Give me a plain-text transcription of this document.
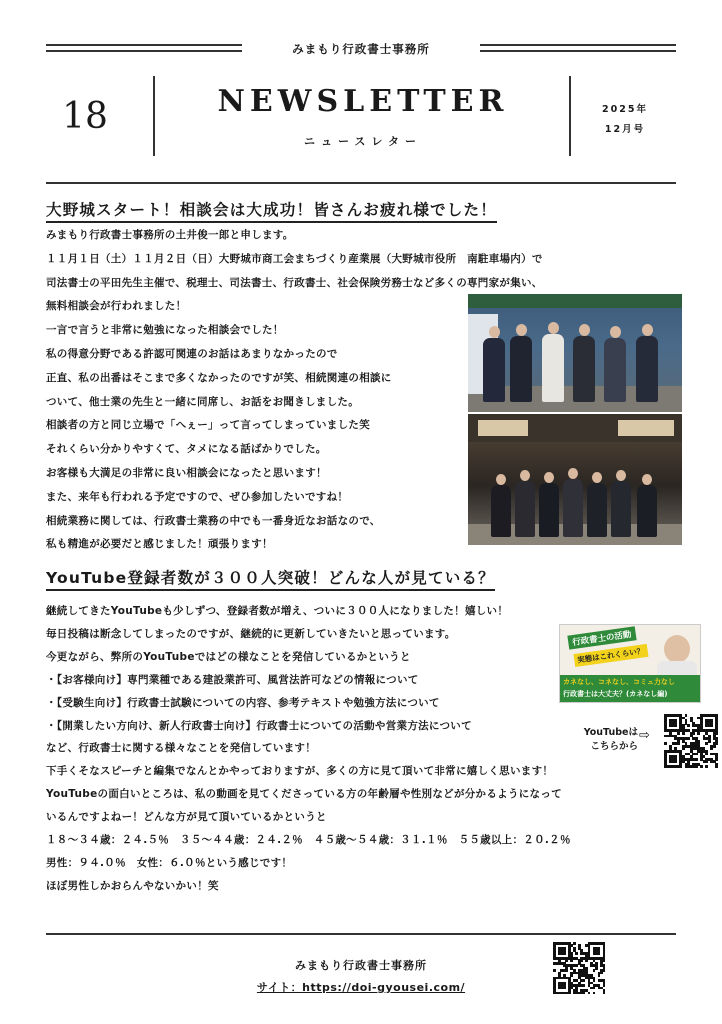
みまもり行政書士事務所
18	NEWSLETTER
ニュースレター
2025年
12月号
大野城スタート！相談会は大成功！皆さんお疲れ様でした！
みまもり行政書士事務所の土井俊一郎と申します。
１１月１日（土）１１月２日（日）大野城市商工会まちづくり産業展（大野城市役所　南駐車場内）で
司法書士の平田先生主催で、税理士、司法書士、行政書士、社会保険労務士など多くの専門家が集い、
無料相談会が行われました！
一言で言うと非常に勉強になった相談会でした！
私の得意分野である許認可関連のお話はあまりなかったので
正直、私の出番はそこまで多くなかったのですが笑、相続関連の相談に
ついて、他士業の先生と一緒に同席し、お話をお聞きしました。
相談者の方と同じ立場で「へぇー」って言ってしまっていました笑
それくらい分かりやすくて、タメになる話ばかりでした。
お客様も大満足の非常に良い相談会になったと思います！
また、来年も行われる予定ですので、ぜひ参加したいですね！
相続業務に関しては、行政書士業務の中でも一番身近なお話なので、
私も精進が必要だと感じました！頑張ります！
YouTube登録者数が３００人突破！どんな人が見ている？
継続してきたYouTubeも少しずつ、登録者数が増え、ついに３００人になりました！嬉しい！
毎日投稿は断念してしまったのですが、継続的に更新していきたいと思っています。
今更ながら、弊所のYouTubeではどの様なことを発信しているかというと
・【お客様向け】専門業種である建設業許可、風営法許可などの情報について
・【受験生向け】行政書士試験についての内容、参考テキストや勉強方法について
・【開業したい方向け、新人行政書士向け】行政書士についての活動や営業方法について
など、行政書士に関する様々なことを発信しています！
下手くそなスピーチと編集でなんとかやっておりますが、多くの方に見て頂いて非常に嬉しく思います！
YouTubeの面白いところは、私の動画を見てくださっている方の年齢層や性別などが分かるようになって
いるんですよねー！どんな方が見て頂いているかというと
１８～３４歳：２４.５％　３５～４４歳：２４.２％　４５歳～５４歳：３１.１％　５５歳以上：２０.２％
男性：９４.０％　女性：６.０％という感じです！
ほぼ男性しかおらんやないかい！笑
行政書士の活動
実態はこれくらい？
カネなし、コネなし、コミュ力なし
行政書士は大丈夫？(カネなし編)
YouTubeは
こちらから
⇨
みまもり行政書士事務所
サイト：https://doi-gyousei.com/
